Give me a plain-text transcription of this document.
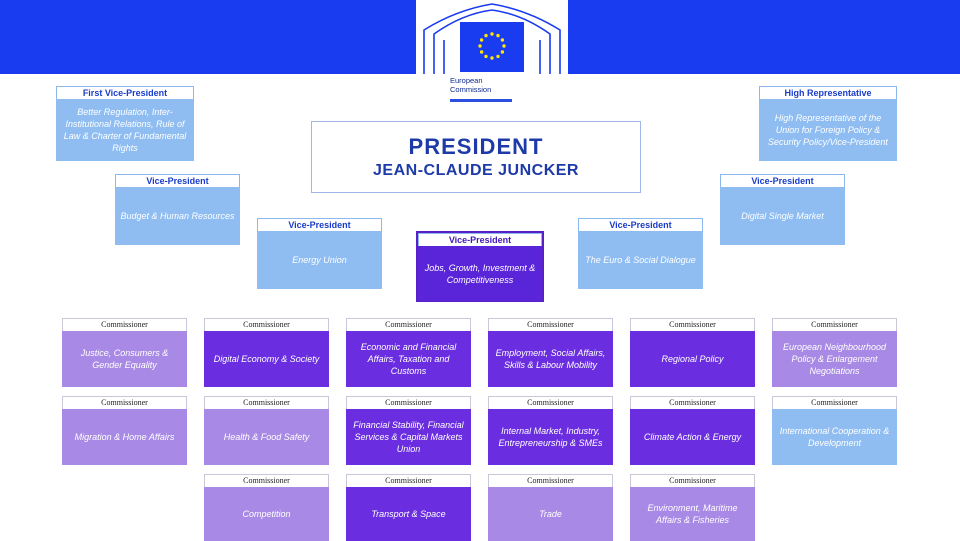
European
Commission
PRESIDENT
JEAN-CLAUDE JUNCKER
First Vice-President
Better Regulation, Inter-Institutional Relations, Rule of Law & Charter of Fundamental Rights
High Representative
High Representative of the Union for Foreign Policy & Security Policy/Vice-President
Vice-President
Budget & Human Resources
Vice-President
Digital Single Market
Vice-President
Energy Union
Vice-President
The Euro & Social Dialogue
Vice-President
Jobs, Growth, Investment & Competitiveness
Commissioner
Justice, Consumers & Gender Equality
Commissioner
Digital Economy & Society
Commissioner
Economic and Financial Affairs, Taxation and Customs
Commissioner
Employment, Social Affairs, Skills & Labour Mobility
Commissioner
Regional Policy
Commissioner
European Neighbourhood Policy & Enlargement Negotiations
Commissioner
Migration & Home Affairs
Commissioner
Health & Food Safety
Commissioner
Financial Stability, Financial Services & Capital Markets Union
Commissioner
Internal Market, Industry, Entrepreneurship & SMEs
Commissioner
Climate Action & Energy
Commissioner
International Cooperation & Development
Commissioner
Competition
Commissioner
Transport & Space
Commissioner
Trade
Commissioner
Environment, Maritime Affairs & Fisheries
